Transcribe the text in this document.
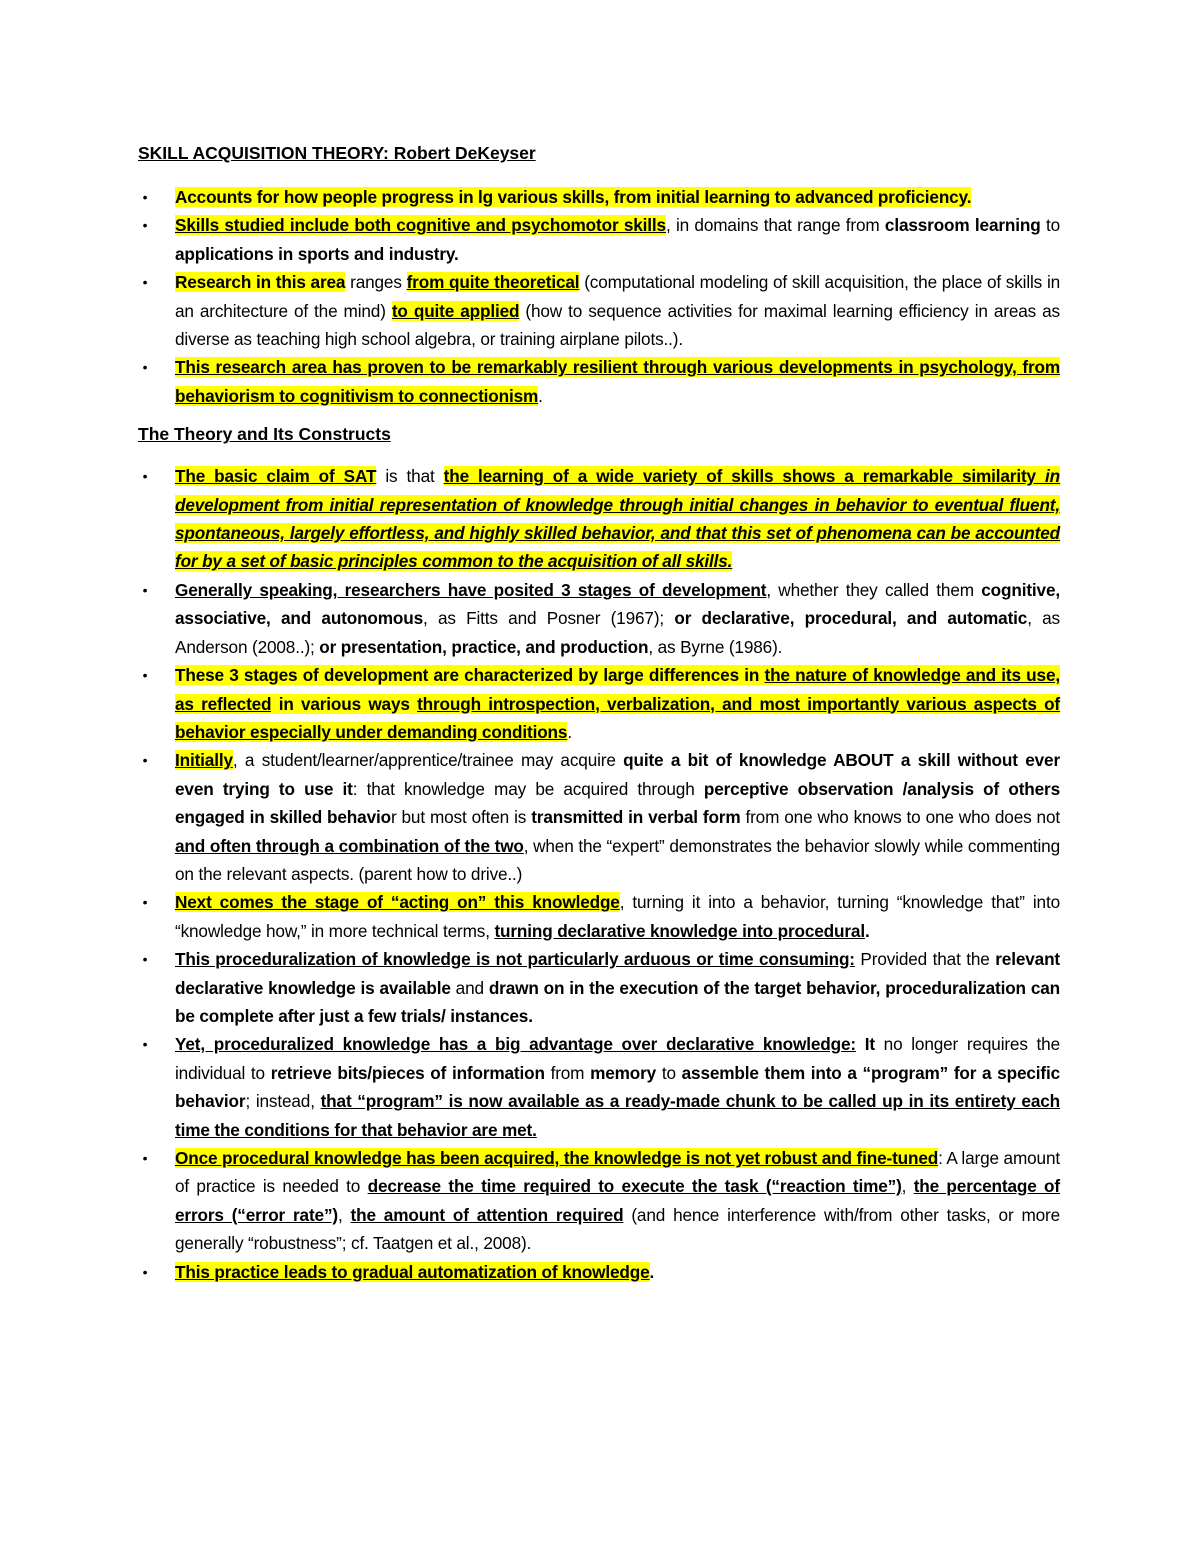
SKILL ACQUISITION THEORY: Robert DeKeyser
• Accounts for how people progress in lg various skills, from initial learning to advanced proficiency.
• Skills studied include both cognitive and psychomotor skills, in domains that range from classroom learning to applications in sports and industry.
• Research in this area ranges from quite theoretical (computational modeling of skill acquisition, the place of skills in an architecture of the mind) to quite applied (how to sequence activities for maximal learning efficiency in areas as diverse as teaching high school algebra, or training airplane pilots..).
• This research area has proven to be remarkably resilient through various developments in psychology, from behaviorism to cognitivism to connectionism.
The Theory and Its Constructs
• The basic claim of SAT is that the learning of a wide variety of skills shows a remarkable similarity in development from initial representation of knowledge through initial changes in behavior to eventual fluent, spontaneous, largely effortless, and highly skilled behavior, and that this set of phenomena can be accounted for by a set of basic principles common to the acquisition of all skills.
• Generally speaking, researchers have posited 3 stages of development, whether they called them cognitive, associative, and autonomous, as Fitts and Posner (1967); or declarative, procedural, and automatic, as Anderson (2008..); or presentation, practice, and production, as Byrne (1986).
• These 3 stages of development are characterized by large differences in the nature of knowledge and its use, as reflected in various ways through introspection, verbalization, and most importantly various aspects of behavior especially under demanding conditions.
• Initially, a student/learner/apprentice/trainee may acquire quite a bit of knowledge ABOUT a skill without ever even trying to use it: that knowledge may be acquired through perceptive observation /analysis of others engaged in skilled behavior but most often is transmitted in verbal form from one who knows to one who does not and often through a combination of the two, when the “expert” demonstrates the behavior slowly while commenting on the relevant aspects. (parent how to drive..)
• Next comes the stage of “acting on” this knowledge, turning it into a behavior, turning “knowledge that” into “knowledge how,” in more technical terms, turning declarative knowledge into procedural.
• This proceduralization of knowledge is not particularly arduous or time consuming: Provided that the relevant declarative knowledge is available and drawn on in the execution of the target behavior, proceduralization can be complete after just a few trials/ instances.
• Yet, proceduralized knowledge has a big advantage over declarative knowledge: It no longer requires the individual to retrieve bits/pieces of information from memory to assemble them into a “program” for a specific behavior; instead, that “program” is now available as a ready-made chunk to be called up in its entirety each time the conditions for that behavior are met.
• Once procedural knowledge has been acquired, the knowledge is not yet robust and fine-tuned: A large amount of practice is needed to decrease the time required to execute the task (“reaction time”), the percentage of errors (“error rate”), the amount of attention required (and hence interference with/from other tasks, or more generally “robustness”; cf. Taatgen et al., 2008).
• This practice leads to gradual automatization of knowledge.
